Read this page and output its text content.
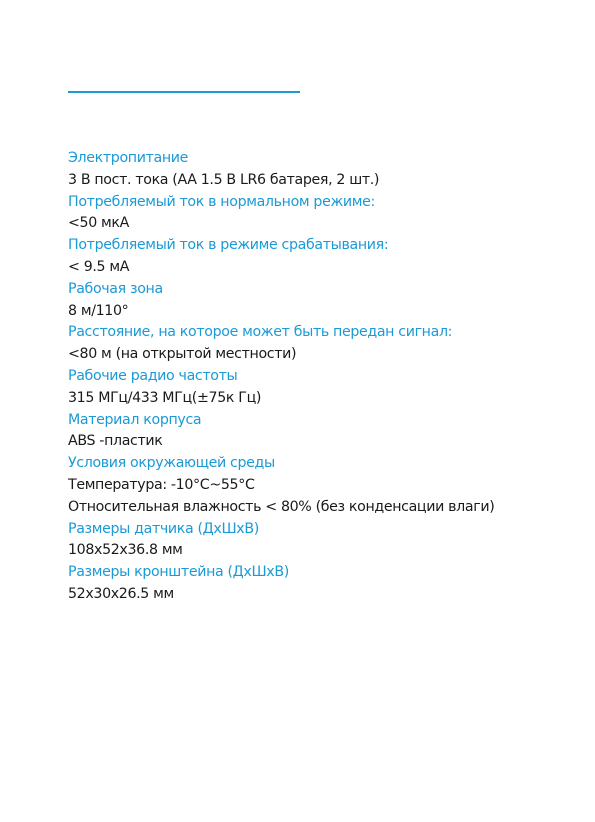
Электропитание
3 В пост. тока (AA 1.5 В LR6 батарея, 2 шт.)
Потребляемый ток в нормальном режиме:
<50 мкА
Потребляемый ток в режиме срабатывания:
< 9.5 мА
Рабочая зона
8 м/110°
Расстояние, на которое может быть передан сигнал:
<80 м (на открытой местности)
Рабочие радио частоты
315 МГц/433 МГц(±75к Гц)
Материал корпуса
ABS -пластик
Условия окружающей среды
Температура: -10°C~55°C
Относительная влажность < 80% (без конденсации влаги)
Размеры датчика (ДхШхВ)
108x52x36.8 мм
Размеры кронштейна (ДхШхВ)
52x30x26.5 мм
